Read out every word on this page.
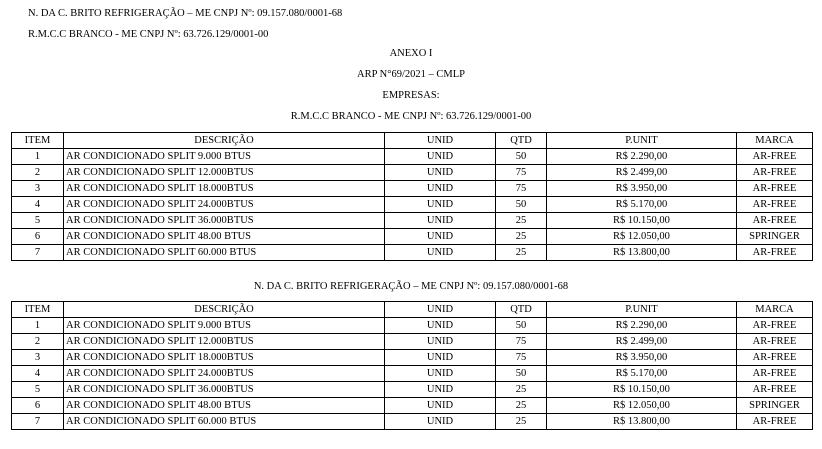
N. DA C. BRITO REFRIGERAÇÃO – ME CNPJ Nº: 09.157.080/0001-68
R.M.C.C BRANCO - ME CNPJ Nº: 63.726.129/0001-00
ANEXO I
ARP N°69/2021 – CMLP
EMPRESAS:
R.M.C.C BRANCO - ME CNPJ Nº: 63.726.129/0001-00
ITEM	DESCRIÇÃO	UNID	QTD	P.UNIT	MARCA
1	AR CONDICIONADO SPLIT 9.000 BTUS	UNID	50	R$ 2.290,00	AR-FREE
2	AR CONDICIONADO SPLIT 12.000BTUS	UNID	75	R$ 2.499,00	AR-FREE
3	AR CONDICIONADO SPLIT 18.000BTUS	UNID	75	R$ 3.950,00	AR-FREE
4	AR CONDICIONADO SPLIT 24.000BTUS	UNID	50	R$ 5.170,00	AR-FREE
5	AR CONDICIONADO SPLIT 36.000BTUS	UNID	25	R$ 10.150,00	AR-FREE
6	AR CONDICIONADO SPLIT 48.00 BTUS	UNID	25	R$ 12.050,00	SPRINGER
7	AR CONDICIONADO SPLIT 60.000 BTUS	UNID	25	R$ 13.800,00	AR-FREE
N. DA C. BRITO REFRIGERAÇÃO – ME CNPJ Nº: 09.157.080/0001-68
ITEM	DESCRIÇÃO	UNID	QTD	P.UNIT	MARCA
1	AR CONDICIONADO SPLIT 9.000 BTUS	UNID	50	R$ 2.290,00	AR-FREE
2	AR CONDICIONADO SPLIT 12.000BTUS	UNID	75	R$ 2.499,00	AR-FREE
3	AR CONDICIONADO SPLIT 18.000BTUS	UNID	75	R$ 3.950,00	AR-FREE
4	AR CONDICIONADO SPLIT 24.000BTUS	UNID	50	R$ 5.170,00	AR-FREE
5	AR CONDICIONADO SPLIT 36.000BTUS	UNID	25	R$ 10.150,00	AR-FREE
6	AR CONDICIONADO SPLIT 48.00 BTUS	UNID	25	R$ 12.050,00	SPRINGER
7	AR CONDICIONADO SPLIT 60.000 BTUS	UNID	25	R$ 13.800,00	AR-FREE
